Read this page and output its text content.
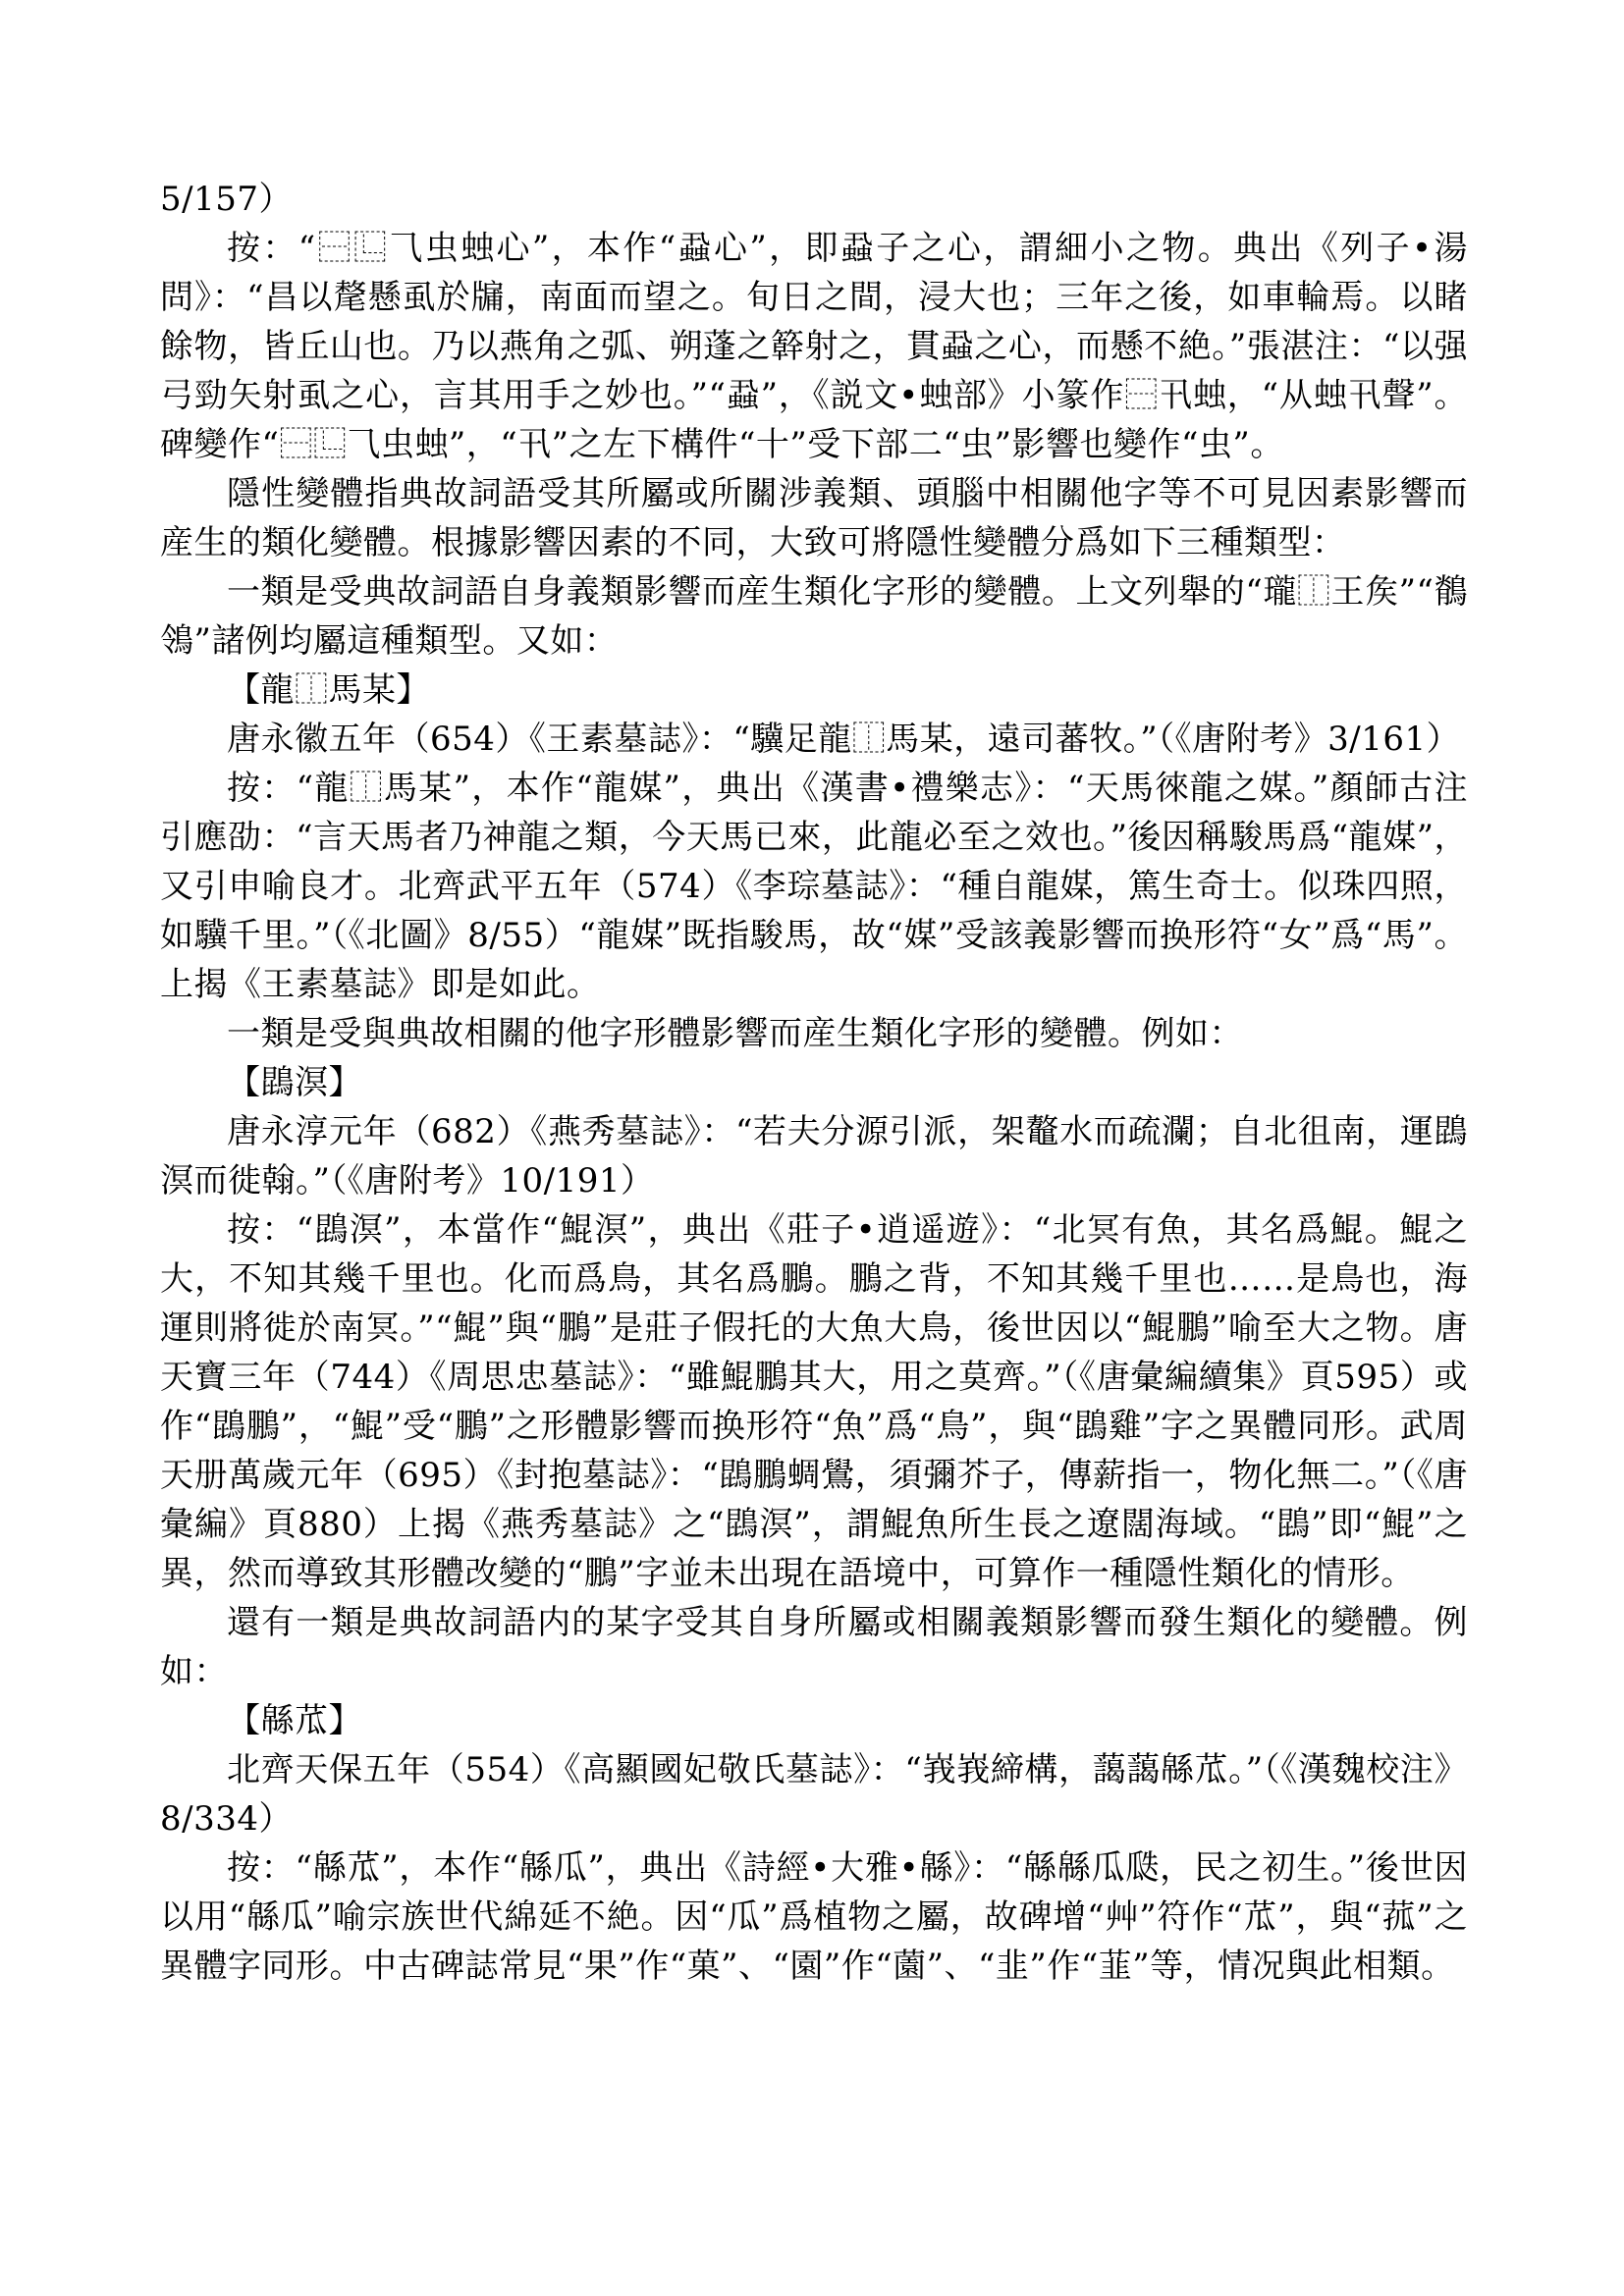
5/157）

按：“⿱⿺⺄虫䖵心”，本作“蝨心”，即蝨子之心，謂細小之物。典出《列子•湯問》：“昌以氂懸虱於牖，南面而望之。旬日之間，浸大也；三年之後，如車輪焉。以睹餘物，皆丘山也。乃以燕角之弧、朔蓬之簳射之，貫蝨之心，而懸不絶。”張湛注：“以强弓勁矢射虱之心，言其用手之妙也。”“蝨”，《説文•䖵部》小篆作⿱卂䖵，“从䖵卂聲”。碑變作“⿱⿺⺄虫䖵”，“卂”之左下構件“十”受下部二“虫”影響也變作“虫”。

隱性變體指典故詞語受其所屬或所關涉義類、頭腦中相關他字等不可見因素影響而産生的類化變體。根據影響因素的不同，大致可將隱性變體分爲如下三種類型：

一類是受典故詞語自身義類影響而産生類化字形的變體。上文列舉的“瓏⿰王矦”“鶺鴒”諸例均屬這種類型。又如：

【龍⿰馬某】

唐永徽五年（654）《王素墓誌》：“驥足龍⿰馬某，遠司蕃牧。”（《唐附考》3/161）

按：“龍⿰馬某”，本作“龍媒”，典出《漢書•禮樂志》：“天馬徠龍之媒。”顏師古注引應劭：“言天馬者乃神龍之類，今天馬已來，此龍必至之效也。”後因稱駿馬爲“龍媒”，又引申喻良才。北齊武平五年（574）《李琮墓誌》：“種自龍媒，篤生奇士。似珠四照，如驥千里。”（《北圖》8/55）“龍媒”既指駿馬，故“媒”受該義影響而换形符“女”爲“馬”。上揭《王素墓誌》即是如此。

一類是受與典故相關的他字形體影響而産生類化字形的變體。例如：

【鵾溟】

唐永淳元年（682）《燕秀墓誌》：“若夫分源引派，架鼇水而疏瀾；自北徂南，運鵾溟而徙翰。”（《唐附考》10/191）

按：“鵾溟”，本當作“鯤溟”，典出《莊子•逍遥遊》：“北冥有魚，其名爲鯤。鯤之大，不知其幾千里也。化而爲鳥，其名爲鵬。鵬之背，不知其幾千里也……是鳥也，海運則將徙於南冥。”“鯤”與“鵬”是莊子假托的大魚大鳥，後世因以“鯤鵬”喻至大之物。唐天寶三年（744）《周思忠墓誌》：“雖鯤鵬其大，用之莫齊。”（《唐彙編續集》頁595）或作“鵾鵬”，“鯤”受“鵬”之形體影響而换形符“魚”爲“鳥”，與“鵾雞”字之異體同形。武周天册萬歲元年（695）《封抱墓誌》：“鵾鵬蜩鷽，須彌芥子，傳薪指一，物化無二。”（《唐彙編》頁880）上揭《燕秀墓誌》之“鵾溟”，謂鯤魚所生長之遼闊海域。“鵾”即“鯤”之異，然而導致其形體改變的“鵬”字並未出現在語境中，可算作一種隱性類化的情形。

還有一類是典故詞語内的某字受其自身所屬或相關義類影響而發生類化的變體。例如：

【緜苽】

北齊天保五年（554）《高顯國妃敬氏墓誌》：“峩峩締構，藹藹緜苽。”（《漢魏校注》8/334）

按：“緜苽”，本作“緜瓜”，典出《詩經•大雅•緜》：“緜緜瓜瓞，民之初生。”後世因以用“緜瓜”喻宗族世代綿延不絶。因“瓜”爲植物之屬，故碑增“艸”符作“苽”，與“菰”之異體字同形。中古碑誌常見“果”作“菓”、“園”作“薗”、“韭”作“韮”等，情况與此相類。
